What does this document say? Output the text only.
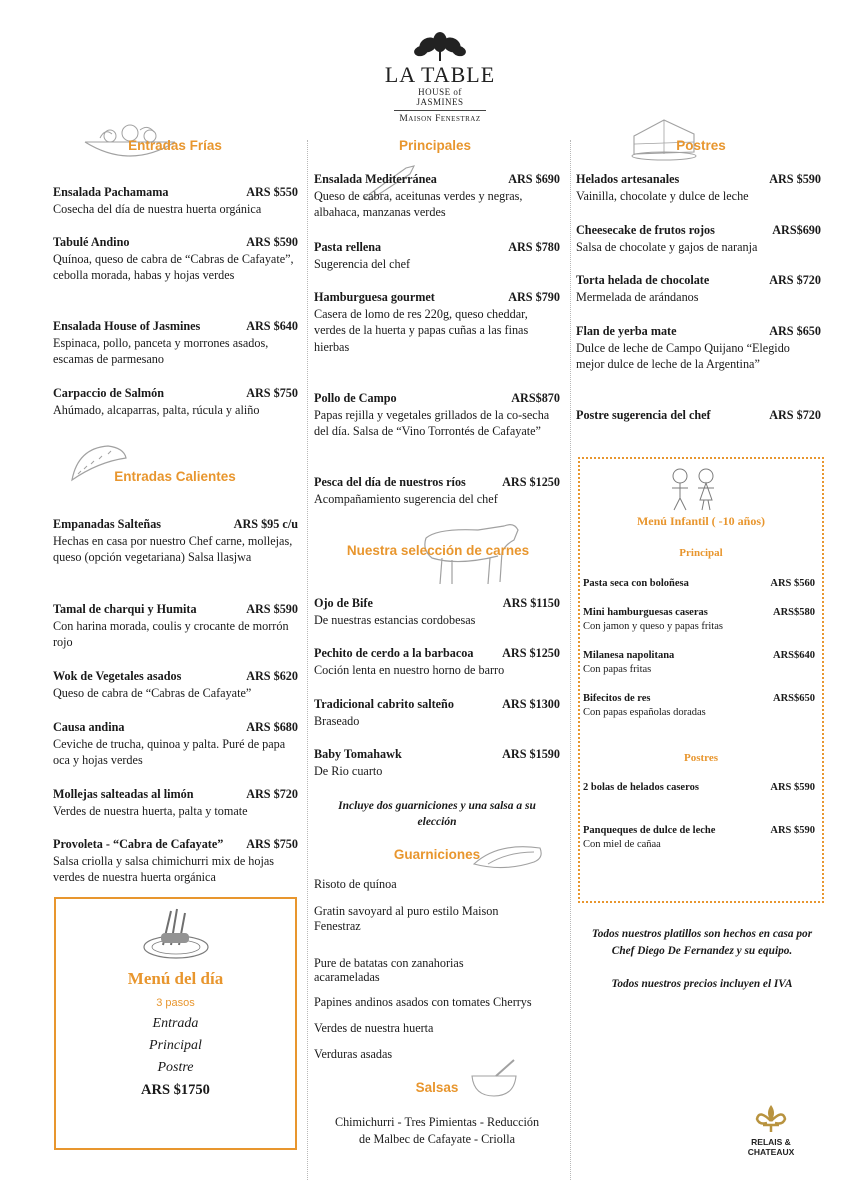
LA TABLE
HOUSE of JASMINES
Maison Fenestraz
Entradas Frías
Ensalada Pachamama	ARS $550
Cosecha del día de nuestra huerta orgánica
Tabulé Andino	ARS $590
Quínoa, queso de cabra de “Cabras de Cafayate”, cebolla morada, habas y hojas verdes
Ensalada House of Jasmines	ARS $640
Espinaca, pollo, panceta y morrones asados, escamas de parmesano
Carpaccio de Salmón	ARS $750
Ahúmado, alcaparras, palta, rúcula y aliño
Entradas Calientes
Empanadas Salteñas	ARS $95 c/u
Hechas en casa por nuestro Chef carne, mollejas, queso (opción vegetariana) Salsa llasjwa
Tamal de charqui y Humita	ARS $590
Con harina morada, coulis y crocante de morrón rojo
Wok de Vegetales asados	ARS $620
Queso de cabra de “Cabras de Cafayate”
Causa andina	ARS $680
Ceviche de trucha, quinoa y palta. Puré de papa oca y hojas verdes
Mollejas salteadas al limón	ARS $720
Verdes de nuestra huerta, palta y tomate
Provoleta - “Cabra de Cafayate” ARS $750
Salsa criolla y salsa chimichurri mix de hojas verdes de nuestra huerta orgánica
Menú del día
3 pasos
Entrada
Principal
Postre
ARS $1750
Principales
Ensalada Mediterránea	ARS $690
Queso de cabra, aceitunas verdes y negras, albahaca, manzanas verdes
Pasta rellena	ARS $780
Sugerencia del chef
Hamburguesa gourmet	ARS $790
Casera de lomo de res 220g, queso cheddar, verdes de la huerta y papas cuñas a las finas hierbas
Pollo de Campo	ARS$870
Papas rejilla y vegetales grillados de la co-secha del día. Salsa de “Vino Torrontés de Cafayate”
Pesca del día de nuestros ríos	ARS $1250
Acompañamiento sugerencia del chef
Nuestra selección de carnes
Ojo de Bife	ARS $1150
De nuestras estancias cordobesas
Pechito de cerdo a la barbacoa ARS $1250
Coción lenta en nuestro horno de barro
Tradicional cabrito salteño	ARS $1300
Braseado
Baby Tomahawk	ARS $1590
De Rio cuarto
Incluye dos guarniciones y una salsa a su elección
Guarniciones
Risoto de quínoa
Gratin savoyard al puro estilo Maison Fenestraz
Pure de batatas con zanahorias acarameladas
Papines andinos asados con tomates Cherrys
Verdes de nuestra huerta
Verduras asadas
Salsas
Chimichurri - Tres Pimientas - Reducción de Malbec de Cafayate - Criolla
Postres
Helados artesanales	ARS $590
Vainilla, chocolate y dulce de leche
Cheesecake de frutos rojos	ARS$690
Salsa de chocolate y gajos de naranja
Torta helada de chocolate	ARS $720
Mermelada de arándanos
Flan de yerba mate	ARS $650
Dulce de leche de Campo Quijano “Elegido mejor dulce de leche de la Argentina”
Postre sugerencia del chef	ARS $720
Menú Infantil ( -10 años)
Principal
Pasta seca con boloñesa	ARS $560
Mini hamburguesas caseras	ARS$580
Con jamon y queso y papas fritas
Milanesa napolitana	ARS$640
Con papas fritas
Bifecitos de res	ARS$650
Con papas españolas doradas
Postres
2 bolas de helados caseros	ARS $590
Panqueques de dulce de leche	ARS $590
Con miel de cañaa
Todos nuestros platillos son hechos en casa por Chef Diego De Fernandez y su equipo.
Todos nuestros precios incluyen el IVA
RELAIS & CHATEAUX
